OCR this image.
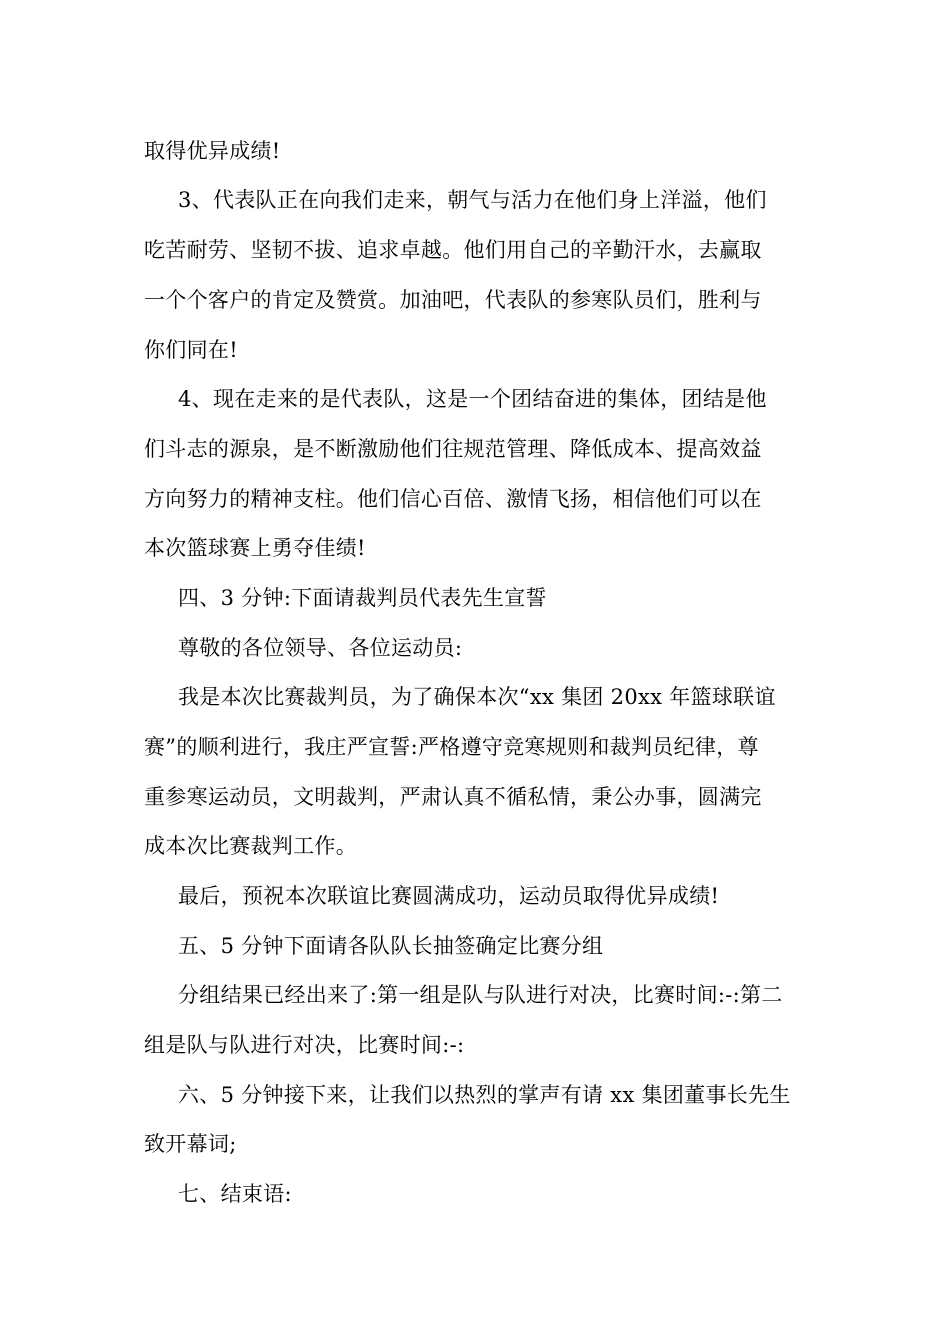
取得优异成绩!
3、代表队正在向我们走来，朝气与活力在他们身上洋溢，他们
吃苦耐劳、坚韧不拔、追求卓越。他们用自己的辛勤汗水，去赢取
一个个客户的肯定及赞赏。加油吧，代表队的参寒队员们，胜利与
你们同在!
4、现在走来的是代表队，这是一个团结奋进的集体，团结是他
们斗志的源泉，是不断激励他们往规范管理、降低成本、提高效益
方向努力的精神支柱。他们信心百倍、激情飞扬，相信他们可以在
本次篮球赛上勇夺佳绩!
四、3 分钟:下面请裁判员代表先生宣誓
尊敬的各位领导、各位运动员:
我是本次比赛裁判员，为了确保本次“xx 集团 20xx 年篮球联谊
赛”的顺利进行，我庄严宣誓:严格遵守竞寒规则和裁判员纪律，尊
重参寒运动员，文明裁判，严肃认真不循私情，秉公办事，圆满完
成本次比赛裁判工作。
最后，预祝本次联谊比赛圆满成功，运动员取得优异成绩!
五、5 分钟下面请各队队长抽签确定比赛分组
分组结果已经出来了:第一组是队与队进行对决，比赛时间:-:第二
组是队与队进行对决，比赛时间:-:
六、5 分钟接下来，让我们以热烈的掌声有请 xx 集团董事长先生
致开幕词;
七、结束语:
